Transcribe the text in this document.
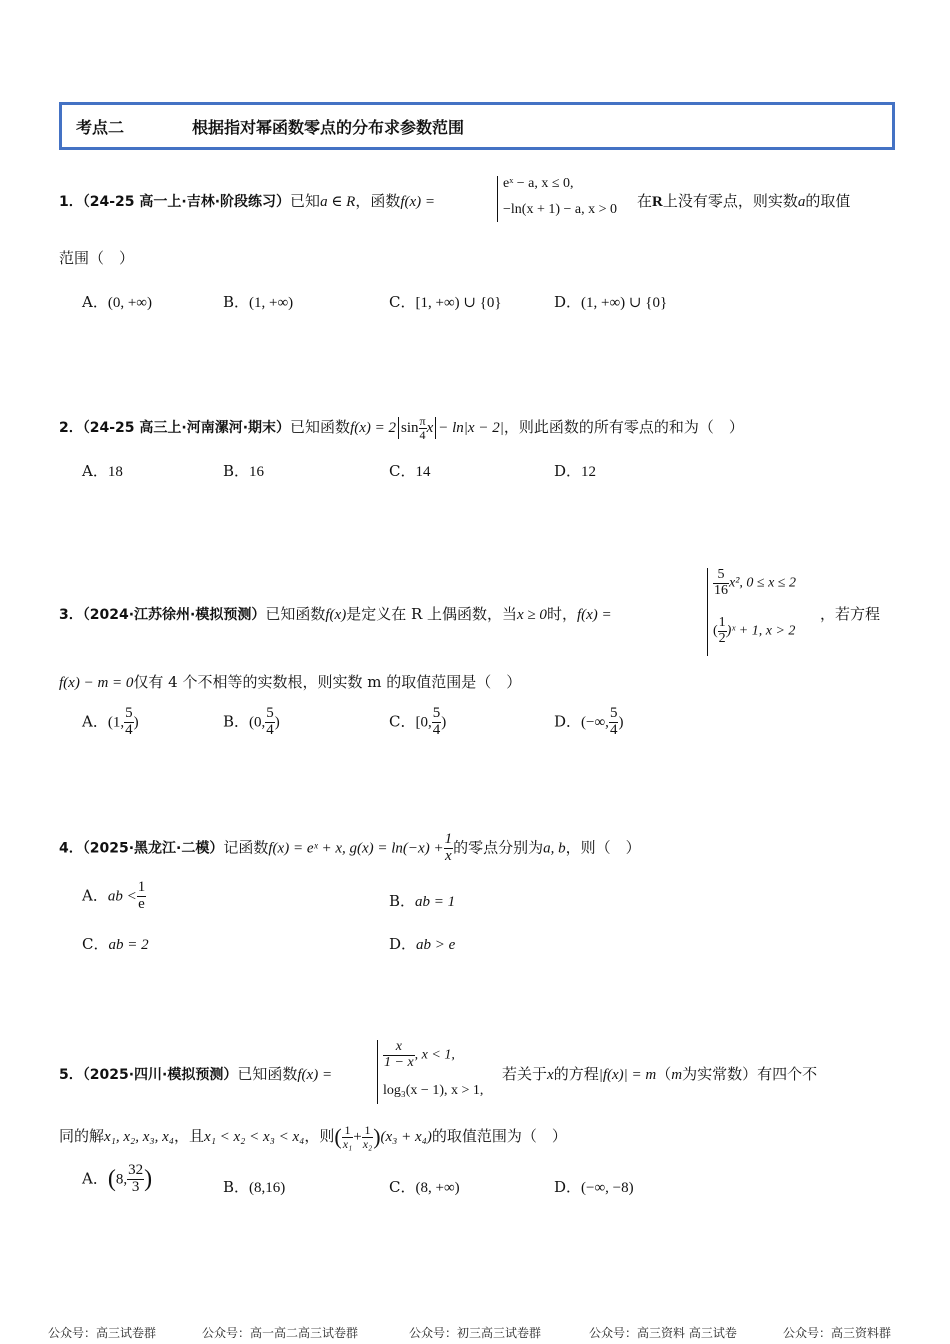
考点二	根据指对幂函数零点的分布求参数范围
1．（24-25 高一上·吉林·阶段练习）已知a ∈ R，函数f(x) =
eˣ − a, x ≤ 0,
−ln(x + 1) − a, x > 0 在R上没有零点，则实数a的取值
范围（　）
A．(0, +∞)	B．(1, +∞)	C．[1, +∞) ∪ {0}	D．(1, +∞) ∪ {0}
2．（24-25 高三上·河南漯河·期末）已知函数f(x) = 2 $\sin \frac{\pi}{4}$ x − ln|x − 2|，则此函数的所有零点的和为（　）
A．18	B．16	C．14	D．12
3．（2024·江苏徐州·模拟预测）已知函数f(x)是定义在 R 上偶函数，当x ≥ 0时，f(x) =
$\frac{5}{16} x^2$, 0 ≤ x ≤ 2
( $\frac{1}{2}$ )ˣ + 1, x > 2
，若方程
f(x) − m = 0仅有 4 个不相等的实数根，则实数 m 的取值范围是（　）
A．(1, $\frac{5}{4}$ )	B．(0, $\frac{5}{4}$ )	C．[0, $\frac{5}{4}$ )	D．(−∞, $\frac{5}{4}$ )
4．（2025·黑龙江·二模）记函数f(x) = eˣ + x, $g(x) = \ln(-x) + \frac{1}{x}$ 的零点分别为a, b，则（　）
A．ab < $\frac{1}{e}$	B．ab = 1
C．ab = 2	D．ab > e
5．（2025·四川·模拟预测）已知函数f(x) =
$\frac{x}{1 - x}$ , x < 1,
log₃(x − 1), x > 1,
若关于x的方程|f(x)| = m（m为实常数）有四个不
同的解x₁, x₂, x₃, x₄，且x₁ < x₂ < x₃ < x₄，则( $\frac{1}{\text{x₁}} + \frac{1}{\text{x₂}} )(x_3 + x_4)$的取值范围为（　）
A．(8, $\frac{32}{3}$ )	B．(8,16)	C．(8, +∞)	D．(−∞, −8)
公众号：高三试卷群	公众号：高一高二高三试卷群	公众号：初三高三试卷群	公众号：高三资料 高三试卷	公众号：高三资料群
